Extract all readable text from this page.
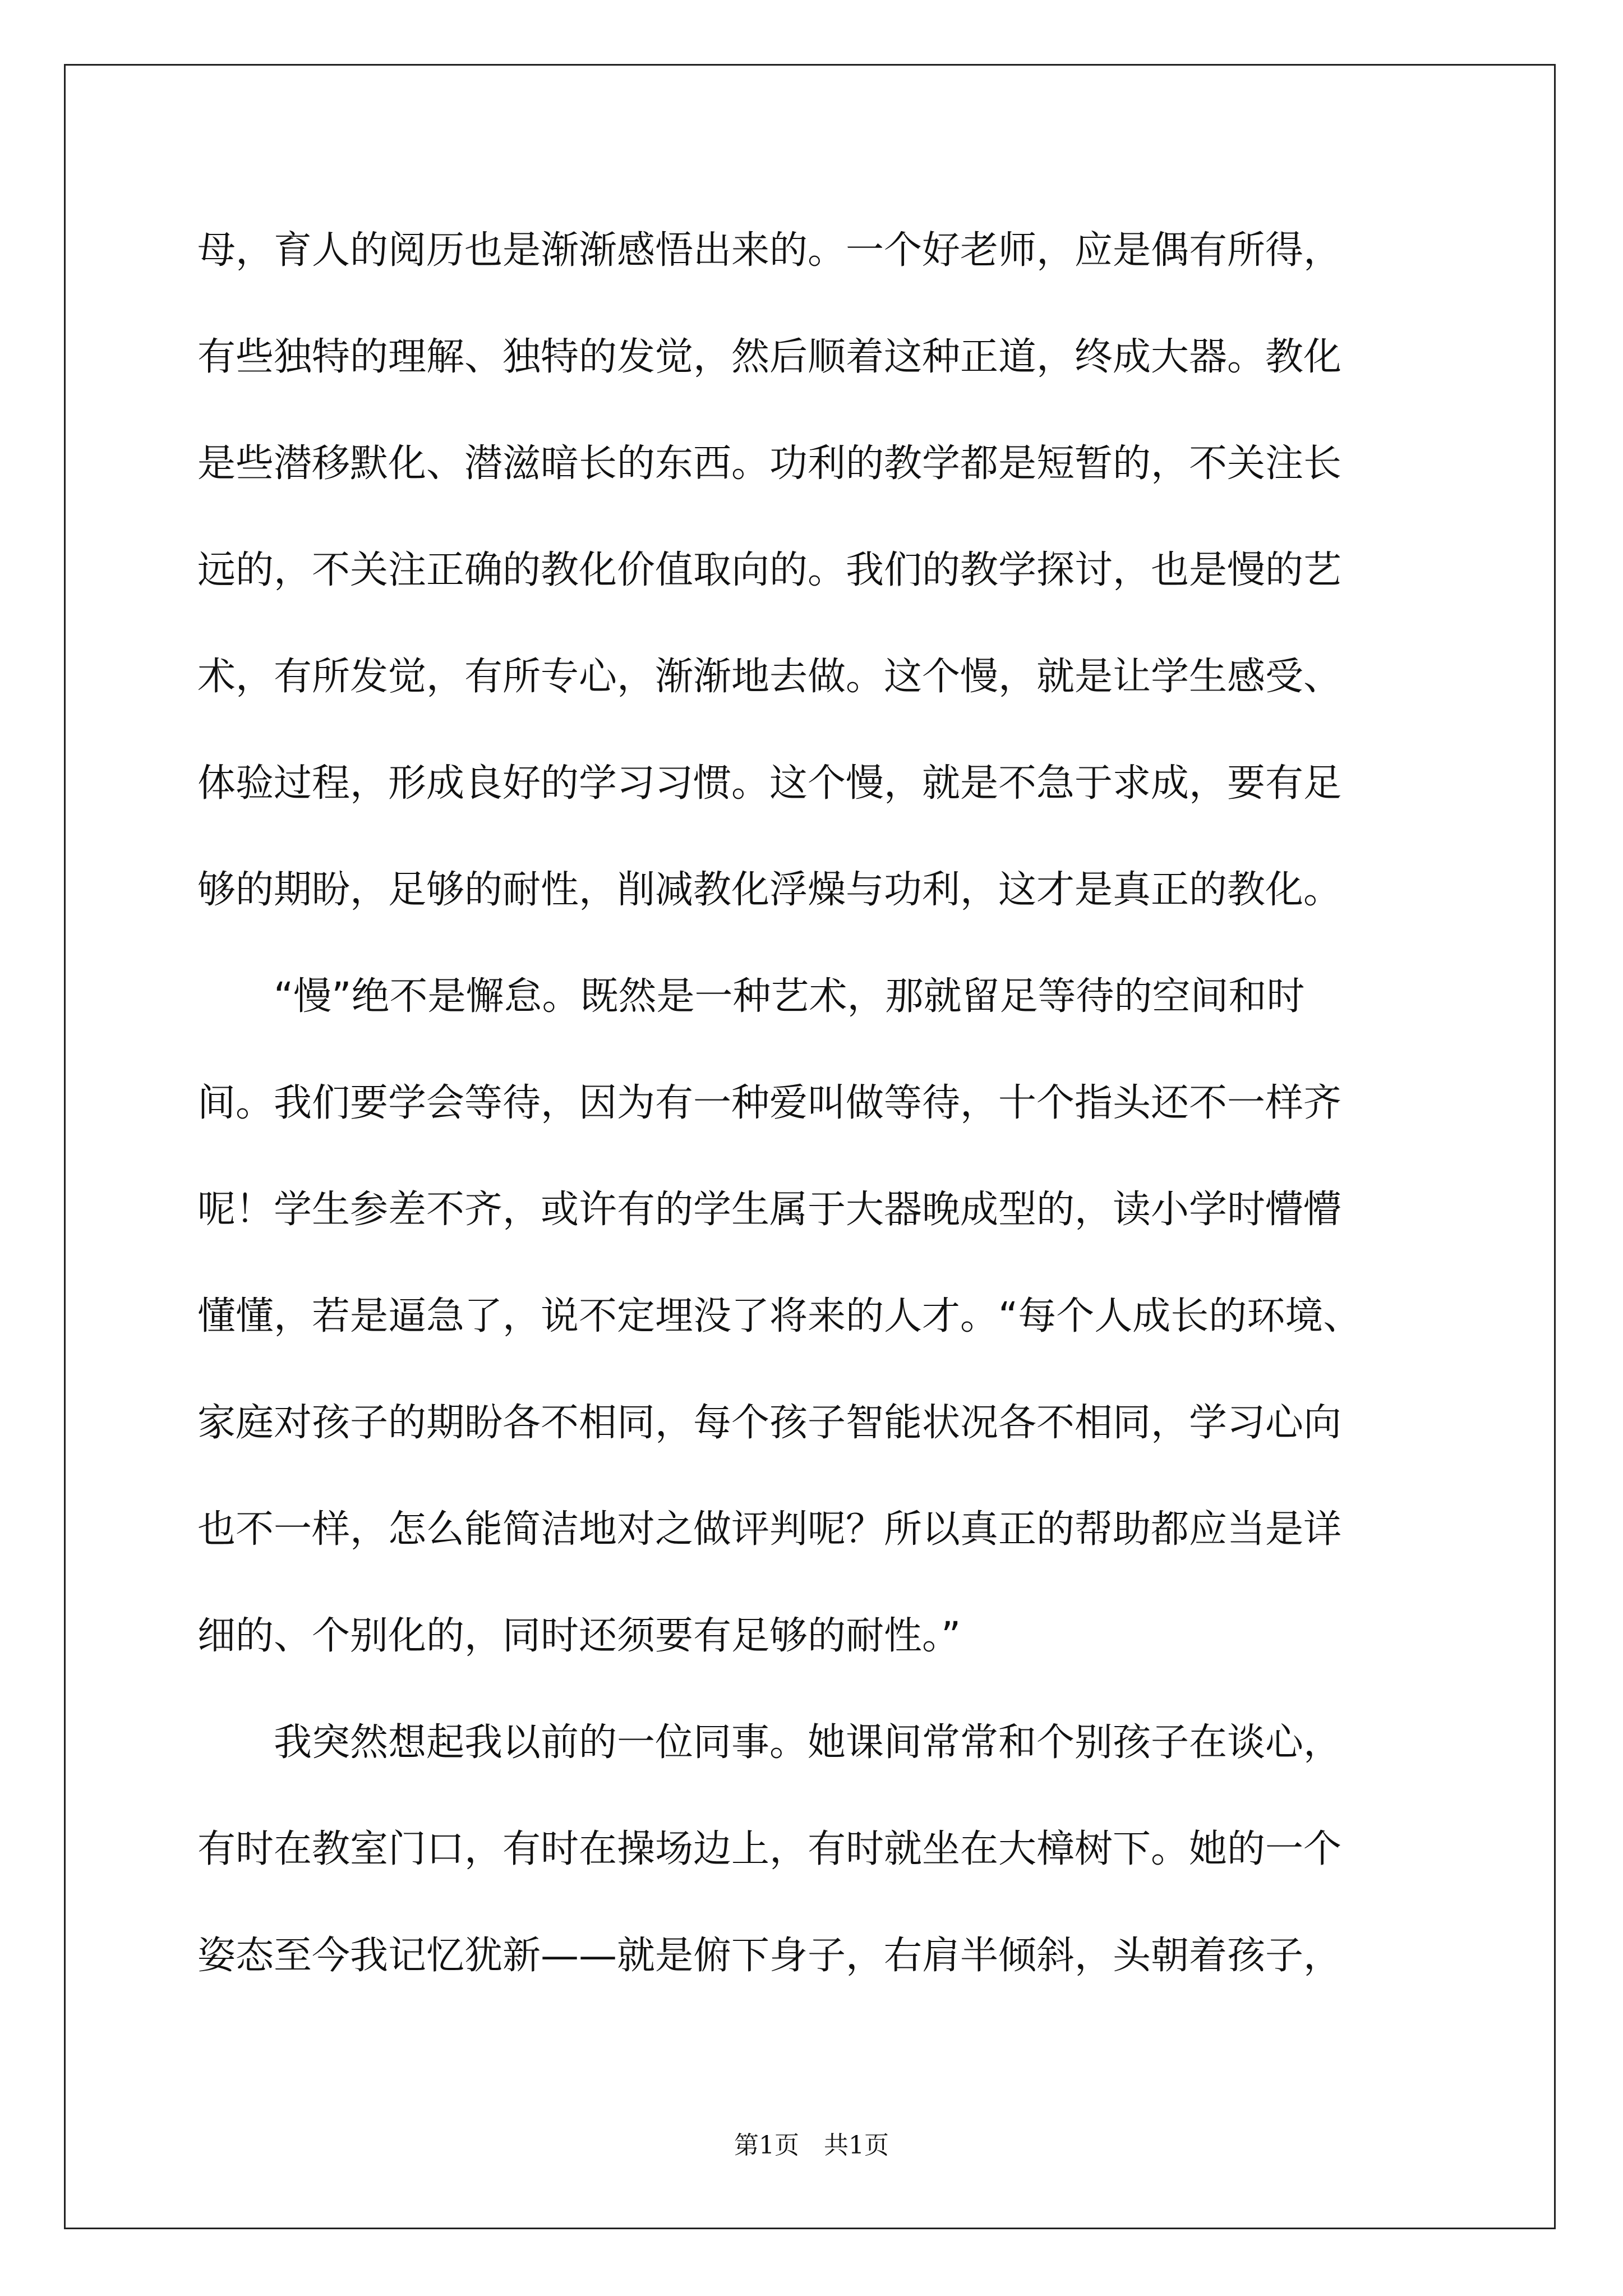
母，育人的阅历也是渐渐感悟出来的。一个好老师，应是偶有所得，
有些独特的理解、独特的发觉，然后顺着这种正道，终成大器。教化
是些潜移默化、潜滋暗长的东西。功利的教学都是短暂的，不关注长
远的，不关注正确的教化价值取向的。我们的教学探讨，也是慢的艺
术，有所发觉，有所专心，渐渐地去做。这个慢，就是让学生感受、
体验过程，形成良好的学习习惯。这个慢，就是不急于求成，要有足
够的期盼，足够的耐性，削减教化浮燥与功利，这才是真正的教化。
　　“慢”绝不是懈怠。既然是一种艺术，那就留足等待的空间和时
间。我们要学会等待，因为有一种爱叫做等待，十个指头还不一样齐
呢！学生参差不齐，或许有的学生属于大器晚成型的，读小学时懵懵
懂懂，若是逼急了，说不定埋没了将来的人才。“每个人成长的环境、
家庭对孩子的期盼各不相同，每个孩子智能状况各不相同，学习心向
也不一样，怎么能简洁地对之做评判呢？所以真正的帮助都应当是详
细的、个别化的，同时还须要有足够的耐性。”
　　我突然想起我以前的一位同事。她课间常常和个别孩子在谈心，
有时在教室门口，有时在操场边上，有时就坐在大樟树下。她的一个
姿态至今我记忆犹新——就是俯下身子，右肩半倾斜，头朝着孩子，
第1页　共1页
